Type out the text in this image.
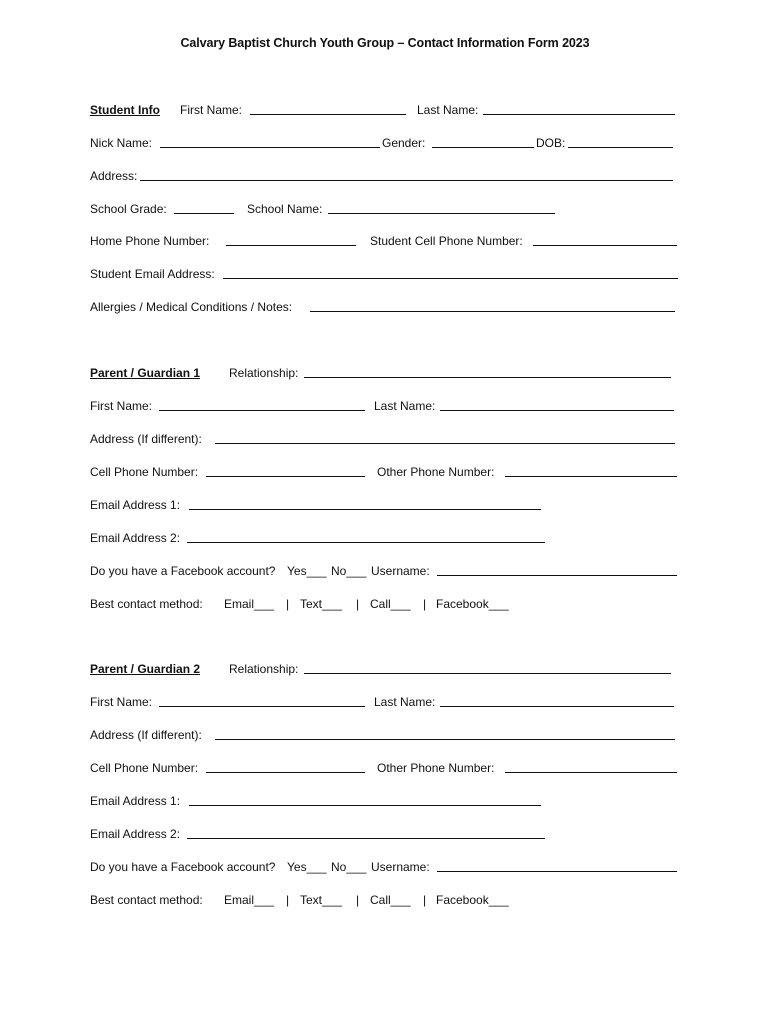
Calvary Baptist Church Youth Group – Contact Information Form 2023
Student Info First Name:	Last Name:
Nick Name:	Gender:	DOB:
Address:
School Grade:	School Name:
Home Phone Number:	Student Cell Phone Number:
Student Email Address:
Allergies / Medical Conditions / Notes:
Parent / Guardian 1 Relationship:
First Name:	Last Name:
Address (If different):
Cell Phone Number:	Other Phone Number:
Email Address 1:
Email Address 2:
Do you have a Facebook account? Yes___ No___ Username:
Best contact method: Email___ | Text___ | Call___ | Facebook___
Parent / Guardian 2 Relationship:
First Name:	Last Name:
Address (If different):
Cell Phone Number:	Other Phone Number:
Email Address 1:
Email Address 2:
Do you have a Facebook account? Yes___ No___ Username:
Best contact method: Email___ | Text___ | Call___ | Facebook___
